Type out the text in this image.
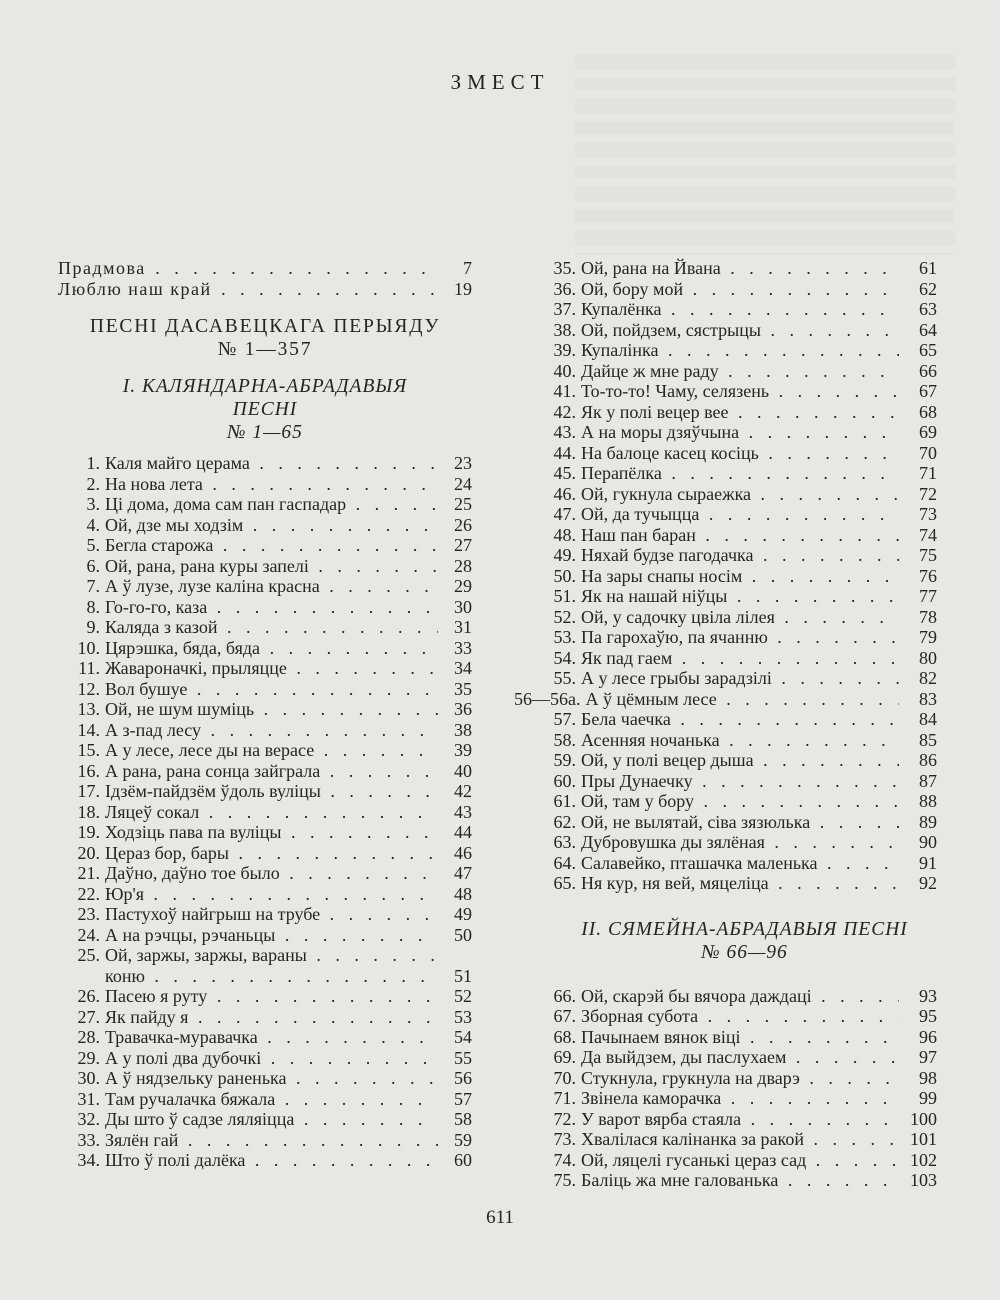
ЗМЕСТ
Прадмова . . .	7
Люблю наш край . . .	19
ПЕСНІ ДАСАВЕЦКАГА ПЕРЫЯДУ
№ 1—357
І. КАЛЯНДАРНА-АБРАДАВЫЯ ПЕСНІ
№ 1—65
1. Каля майго церама . . .	23
2. На нова лета . . .	24
3. Ці дома, дома сам пан гаспадар . . .	25
4. Ой, дзе мы ходзім . . .	26
5. Бегла старожа . . .	27
6. Ой, рана, рана куры запелі . . .	28
7. А ў лузе, лузе каліна красна . . .	29
8. Го-го-го, каза . . .	30
9. Каляда з казой . . .	31
10. Цярэшка, бяда, бяда . . .	33
11. Жавароначкі, прыляцце . . .	34
12. Вол бушуе . . .	35
13. Ой, не шум шуміць . . .	36
14. А з-пад лесу . . .	38
15. А у лесе, лесе ды на верасе . . .	39
16. А рана, рана сонца зайграла . . .	40
17. Ідзём-пайдзём ўдоль вуліцы . . .	42
18. Ляцеў сокал . . .	43
19. Ходзіць пава па вуліцы . . .	44
20. Цераз бор, бары . . .	46
21. Даўно, даўно тое было . . .	47
22. Юр'я . . .	48
23. Пастухоў найгрыш на трубе . . .	49
24. А на рэчцы, рэчаньцы . . .	50
25. Ой, заржы, заржы, вараны . . .
коню . . .	51
26. Пасею я руту . . .	52
27. Як пайду я . . .	53
28. Травачка-муравачка . . .	54
29. А у полі два дубочкі . . .	55
30. А ў нядзельку раненька . . .	56
31. Там ручалачка бяжала . . .	57
32. Ды што ў садзе ляляіцца . . .	58
33. Зялён гай . . .	59
34. Што ў полі далёка . . .	60
35. Ой, рана на Йвана . . .	61
36. Ой, бору мой . . .	62
37. Купалёнка . . .	63
38. Ой, пойдзем, сястрыцы . . .	64
39. Купалінка . . .	65
40. Дайце ж мне раду . . .	66
41. То-то-то! Чаму, селязень . . .	67
42. Як у полі вецер вее . . .	68
43. А на моры дзяўчына . . .	69
44. На балоце касец косіць . . .	70
45. Перапёлка . . .	71
46. Ой, гукнула сыраежка . . .	72
47. Ой, да тучыцца . . .	73
48. Наш пан баран . . .	74
49. Няхай будзе пагодачка . . .	75
50. На зары снапы носім . . .	76
51. Як на нашай ніўцы . . .	77
52. Ой, у садочку цвіла лілея . . .	78
53. Па гарохаўю, па ячанню . . .	79
54. Як пад гаем . . .	80
55. А у лесе грыбы зарадзілі . . .	82
56—56а. А ў цёмным лесе . . .	83
57. Бела чаечка . . .	84
58. Асенняя ночанька . . .	85
59. Ой, у полі вецер дыша . . .	86
60. Пры Дунаечку . . .	87
61. Ой, там у бору . . .	88
62. Ой, не вылятай, сіва зязюлька . . .	89
63. Дубровушка ды зялёная . . .	90
64. Салавейко, пташачка маленька . . .	91
65. Ня кур, ня вей, мяцеліца . . .	92
ІІ. СЯМЕЙНА-АБРАДАВЫЯ ПЕСНІ
№ 66—96
66. Ой, скарэй бы вячора даждаці . . .	93
67. Зборная субота . . .	95
68. Пачынаем вянок віці . . .	96
69. Да выйдзем, ды паслухаем . . .	97
70. Стукнула, грукнула на дварэ . . .	98
71. Звінела каморачка . . .	99
72. У варот вярба стаяла . . .	100
73. Хвалілася калінанка за ракой . . .	101
74. Ой, ляцелі гусанькі цераз сад . . .	102
75. Баліць жа мне галованька . . .	103
611
